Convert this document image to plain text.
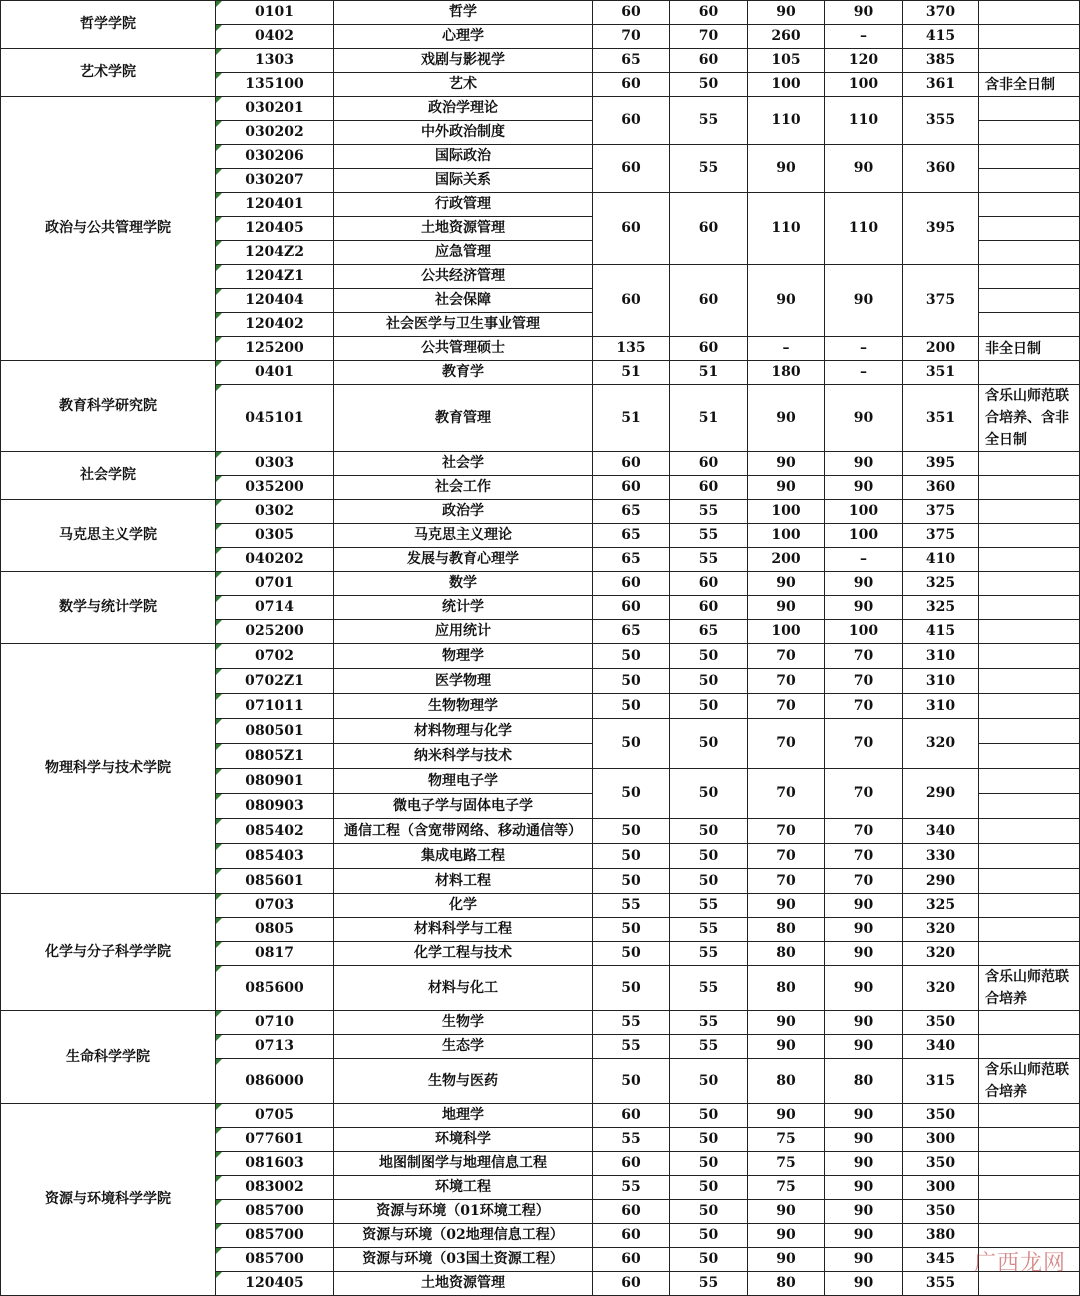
哲学学院	0101	哲学	60	60	90	90	370	
	0402	心理学	70	70	260	–	415	
艺术学院	1303	戏剧与影视学	65	60	105	120	385	
	135100	艺术	60	50	100	100	361	含非全日制
政治与公共管理学院	030201	政治学理论	60	55	110	110	355	
	030202	中外政治制度						
	030206	国际政治	60	55	90	90	360	
	030207	国际关系						
	120401	行政管理	60	60	110	110	395	
	120405	土地资源管理						
	1204Z2	应急管理						
	1204Z1	公共经济管理	60	60	90	90	375	
	120404	社会保障						
	120402	社会医学与卫生事业管理						
	125200	公共管理硕士	135	60	–	–	200	非全日制
教育科学研究院	0401	教育学	51	51	180	–	351	
	045101	教育管理	51	51	90	90	351	含乐山师范联合培养、含非全日制
社会学院	0303	社会学	60	60	90	90	395	
	035200	社会工作	60	60	90	90	360	
马克思主义学院	0302	政治学	65	55	100	100	375	
	0305	马克思主义理论	65	55	100	100	375	
	040202	发展与教育心理学	65	55	200	–	410	
数学与统计学院	0701	数学	60	60	90	90	325	
	0714	统计学	60	60	90	90	325	
	025200	应用统计	65	65	100	100	415	
物理科学与技术学院	0702	物理学	50	50	70	70	310	
	0702Z1	医学物理	50	50	70	70	310	
	071011	生物物理学	50	50	70	70	310	
	080501	材料物理与化学	50	50	70	70	320	
	0805Z1	纳米科学与技术						
	080901	物理电子学	50	50	70	70	290	
	080903	微电子学与固体电子学						
	085402	通信工程（含宽带网络、移动通信等）	50	50	70	70	340	
	085403	集成电路工程	50	50	70	70	330	
	085601	材料工程	50	50	70	70	290	
化学与分子科学学院	0703	化学	55	55	90	90	325	
	0805	材料科学与工程	50	55	80	90	320	
	0817	化学工程与技术	50	55	80	90	320	
	085600	材料与化工	50	55	80	90	320	含乐山师范联合培养
生命科学学院	0710	生物学	55	55	90	90	350	
	0713	生态学	55	55	90	90	340	
	086000	生物与医药	50	50	80	80	315	含乐山师范联合培养
资源与环境科学学院	0705	地理学	60	50	90	90	350	
	077601	环境科学	55	50	75	90	300	
	081603	地图制图学与地理信息工程	60	50	75	90	350	
	083002	环境工程	55	50	75	90	300	
	085700	资源与环境（01环境工程）	60	50	90	90	350	
	085700	资源与环境（02地理信息工程）	60	50	90	90	380	
	085700	资源与环境（03国土资源工程）	60	50	90	90	345	
	120405	土地资源管理	60	55	80	90	355	
广西龙网
